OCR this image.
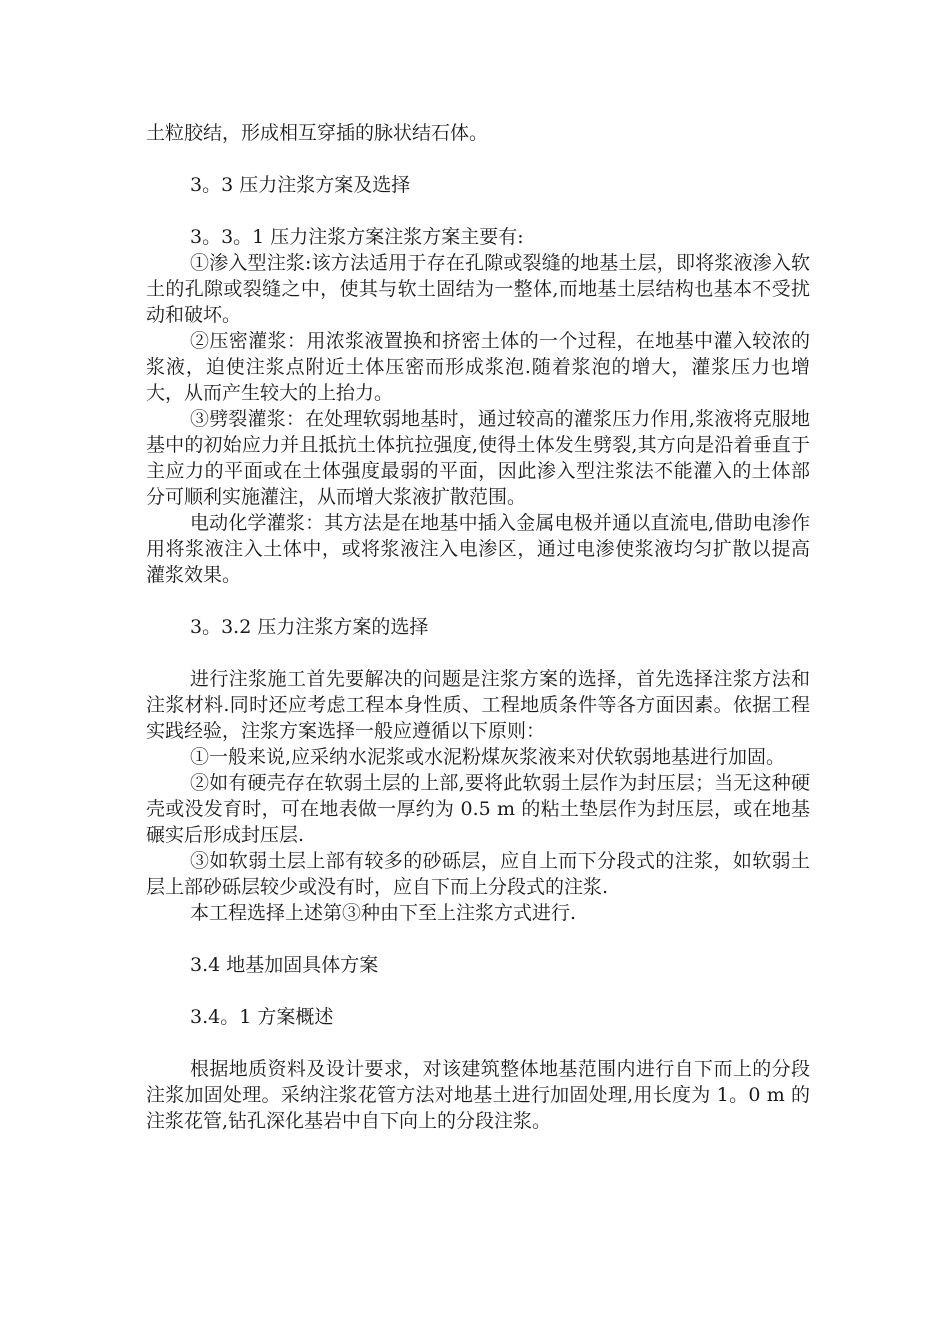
土粒胶结，形成相互穿插的脉状结石体。

3。3 压力注浆方案及选择

3。3。1 压力注浆方案注浆方案主要有:

①渗入型注浆:该方法适用于存在孔隙或裂缝的地基土层，即将浆液渗入软土的孔隙或裂缝之中，使其与软土固结为一整体,而地基土层结构也基本不受扰动和破坏。

②压密灌浆：用浓浆液置换和挤密土体的一个过程，在地基中灌入较浓的浆液，迫使注浆点附近土体压密而形成浆泡.随着浆泡的增大，灌浆压力也增大，从而产生较大的上抬力。

③劈裂灌浆：在处理软弱地基时，通过较高的灌浆压力作用,浆液将克服地基中的初始应力并且抵抗土体抗拉强度,使得土体发生劈裂,其方向是沿着垂直于主应力的平面或在土体强度最弱的平面，因此渗入型注浆法不能灌入的土体部分可顺利实施灌注，从而增大浆液扩散范围。

电动化学灌浆：其方法是在地基中插入金属电极并通以直流电,借助电渗作用将浆液注入土体中，或将浆液注入电渗区，通过电渗使浆液均匀扩散以提高灌浆效果。

3。3.2 压力注浆方案的选择

进行注浆施工首先要解决的问题是注浆方案的选择，首先选择注浆方法和注浆材料.同时还应考虑工程本身性质、工程地质条件等各方面因素。依据工程实践经验，注浆方案选择一般应遵循以下原则：

①一般来说,应采纳水泥浆或水泥粉煤灰浆液来对伏软弱地基进行加固。

②如有硬壳存在软弱土层的上部,要将此软弱土层作为封压层；当无这种硬壳或没发育时，可在地表做一厚约为 0.5 m 的粘土垫层作为封压层，或在地基碾实后形成封压层.

③如软弱土层上部有较多的砂砾层，应自上而下分段式的注浆，如软弱土层上部砂砾层较少或没有时，应自下而上分段式的注浆.

本工程选择上述第③种由下至上注浆方式进行.

3.4 地基加固具体方案

3.4。1 方案概述

根据地质资料及设计要求，对该建筑整体地基范围内进行自下而上的分段注浆加固处理。采纳注浆花管方法对地基土进行加固处理,用长度为 1。0 m 的注浆花管,钻孔深化基岩中自下向上的分段注浆。
